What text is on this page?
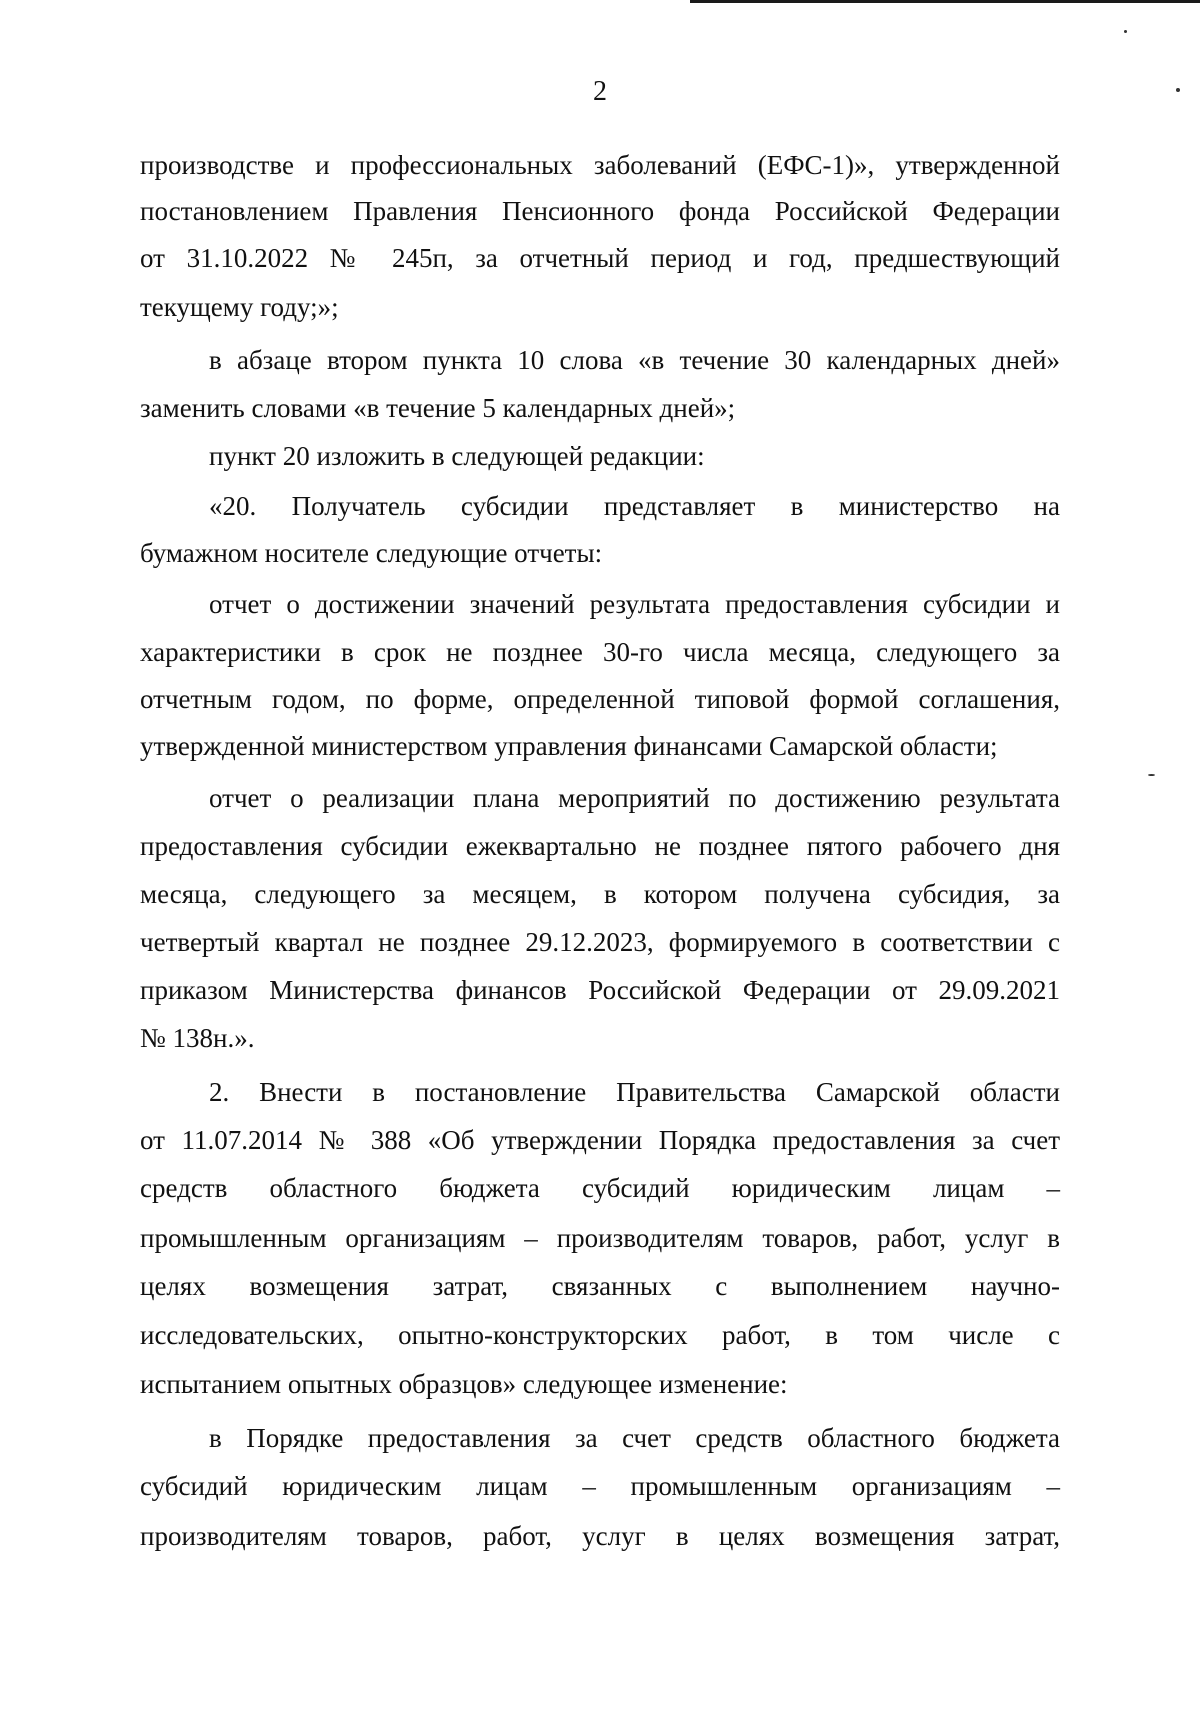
2
производстве и профессиональных заболеваний (ЕФС-1)», утвержденной
постановлением Правления Пенсионного фонда Российской Федерации
от 31.10.2022 № 245п, за отчетный период и год, предшествующий
текущему году;»;
в абзаце втором пункта 10 слова «в течение 30 календарных дней»
заменить словами «в течение 5 календарных дней»;
пункт 20 изложить в следующей редакции:
«20. Получатель субсидии представляет в министерство на
бумажном носителе следующие отчеты:
отчет о достижении значений результата предоставления субсидии и
характеристики в срок не позднее 30-го числа месяца, следующего за
отчетным годом, по форме, определенной типовой формой соглашения,
утвержденной министерством управления финансами Самарской области;
отчет о реализации плана мероприятий по достижению результата
предоставления субсидии ежеквартально не позднее пятого рабочего дня
месяца, следующего за месяцем, в котором получена субсидия, за
четвертый квартал не позднее 29.12.2023, формируемого в соответствии с
приказом Министерства финансов Российской Федерации от 29.09.2021
№ 138н.».
2. Внести в постановление Правительства Самарской области
от 11.07.2014 № 388 «Об утверждении Порядка предоставления за счет
средств областного бюджета субсидий юридическим лицам –
промышленным организациям – производителям товаров, работ, услуг в
целях возмещения затрат, связанных с выполнением научно-
исследовательских, опытно-конструкторских работ, в том числе с
испытанием опытных образцов» следующее изменение:
в Порядке предоставления за счет средств областного бюджета
субсидий юридическим лицам – промышленным организациям –
производителям товаров, работ, услуг в целях возмещения затрат,
